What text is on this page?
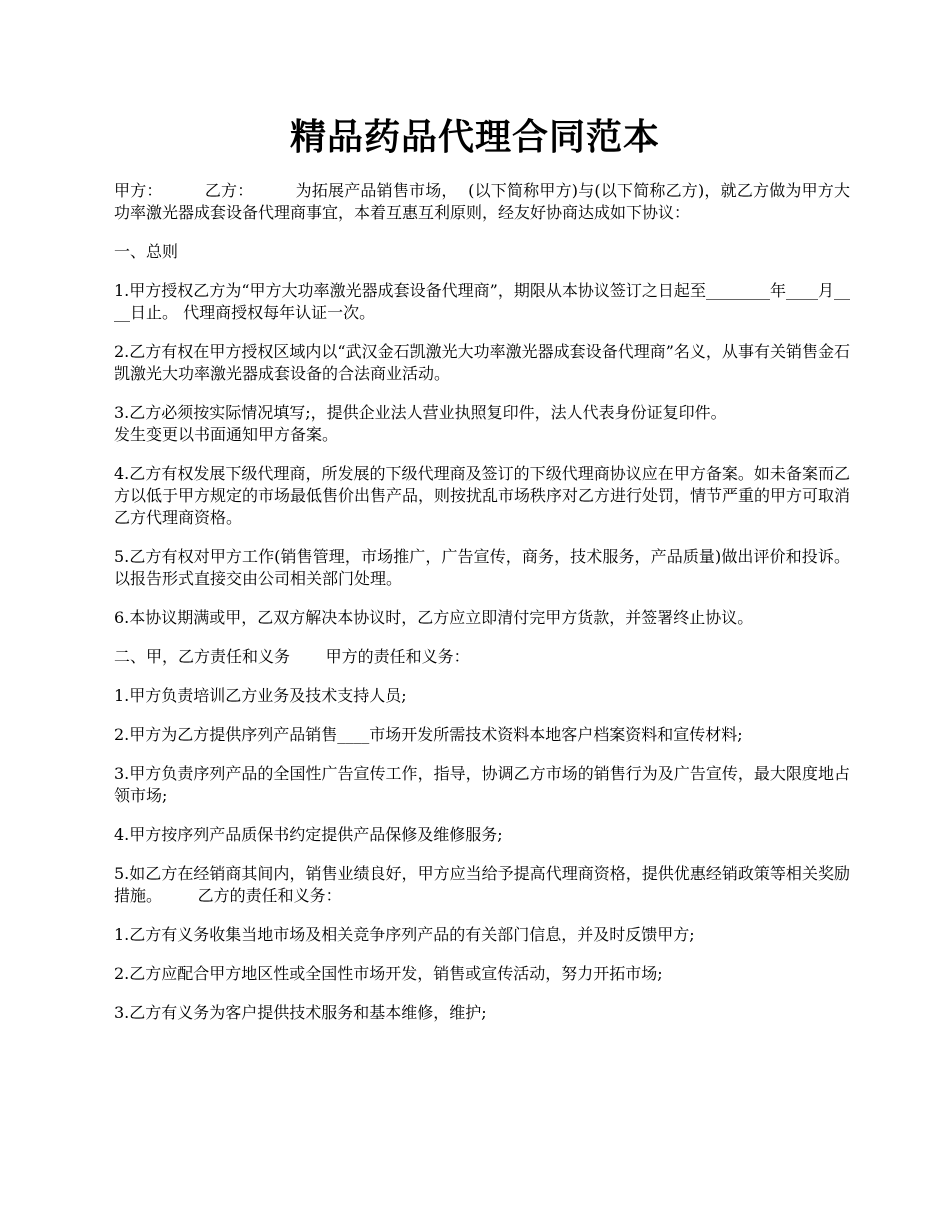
精品药品代理合同范本

甲方：        乙方：        为拓展产品销售市场，  (以下简称甲方)与(以下简称乙方)，就乙方做为甲方大功率激光器成套设备代理商事宜，本着互惠互利原则，经友好协商达成如下协议：

一、总则

1.甲方授权乙方为“甲方大功率激光器成套设备代理商”，期限从本协议签订之日起至________年____月____日止。 代理商授权每年认证一次。

2.乙方有权在甲方授权区域内以“武汉金石凯激光大功率激光器成套设备代理商”名义，从事有关销售金石凯激光大功率激光器成套设备的合法商业活动。

3.乙方必须按实际情况填写;，提供企业法人营业执照复印件，法人代表身份证复印件。
发生变更以书面通知甲方备案。

4.乙方有权发展下级代理商，所发展的下级代理商及签订的下级代理商协议应在甲方备案。如未备案而乙方以低于甲方规定的市场最低售价出售产品，则按扰乱市场秩序对乙方进行处罚，情节严重的甲方可取消乙方代理商资格。

5.乙方有权对甲方工作(销售管理，市场推广，广告宣传，商务，技术服务，产品质量)做出评价和投诉。以报告形式直接交由公司相关部门处理。

6.本协议期满或甲，乙双方解决本协议时，乙方应立即清付完甲方货款，并签署终止协议。

二、甲，乙方责任和义务       甲方的责任和义务：

1.甲方负责培训乙方业务及技术支持人员;

2.甲方为乙方提供序列产品销售____市场开发所需技术资料本地客户档案资料和宣传材料;

3.甲方负责序列产品的全国性广告宣传工作，指导，协调乙方市场的销售行为及广告宣传，最大限度地占领市场;

4.甲方按序列产品质保书约定提供产品保修及维修服务;

5.如乙方在经销商其间内，销售业绩良好，甲方应当给予提高代理商资格，提供优惠经销政策等相关奖励措施。       乙方的责任和义务：

1.乙方有义务收集当地市场及相关竞争序列产品的有关部门信息，并及时反馈甲方;

2.乙方应配合甲方地区性或全国性市场开发，销售或宣传活动，努力开拓市场;

3.乙方有义务为客户提供技术服务和基本维修，维护;
